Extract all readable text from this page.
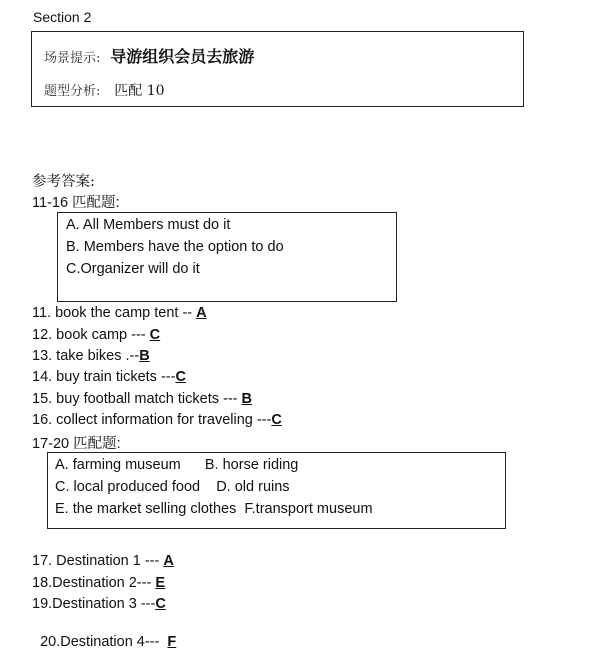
Section 2
场景提示: 导游组织会员去旅游
题型分析: 匹配 10
参考答案:
11-16 匹配题:
A. All Members must do it
B. Members have the option to do
C.Organizer will do it
11. book the camp tent -- A
12. book camp --- C
13. take bikes .--B
14. buy train tickets ---C
15. buy football match tickets --- B
16. collect information for traveling ---C
17-20 匹配题:
A. farming museum      B. horse riding
C. local produced food    D. old ruins
E. the market selling clothes  F.transport museum
17. Destination 1 --- A
18.Destination 2--- E
19.Destination 3 ---C

20.Destination 4---  F
